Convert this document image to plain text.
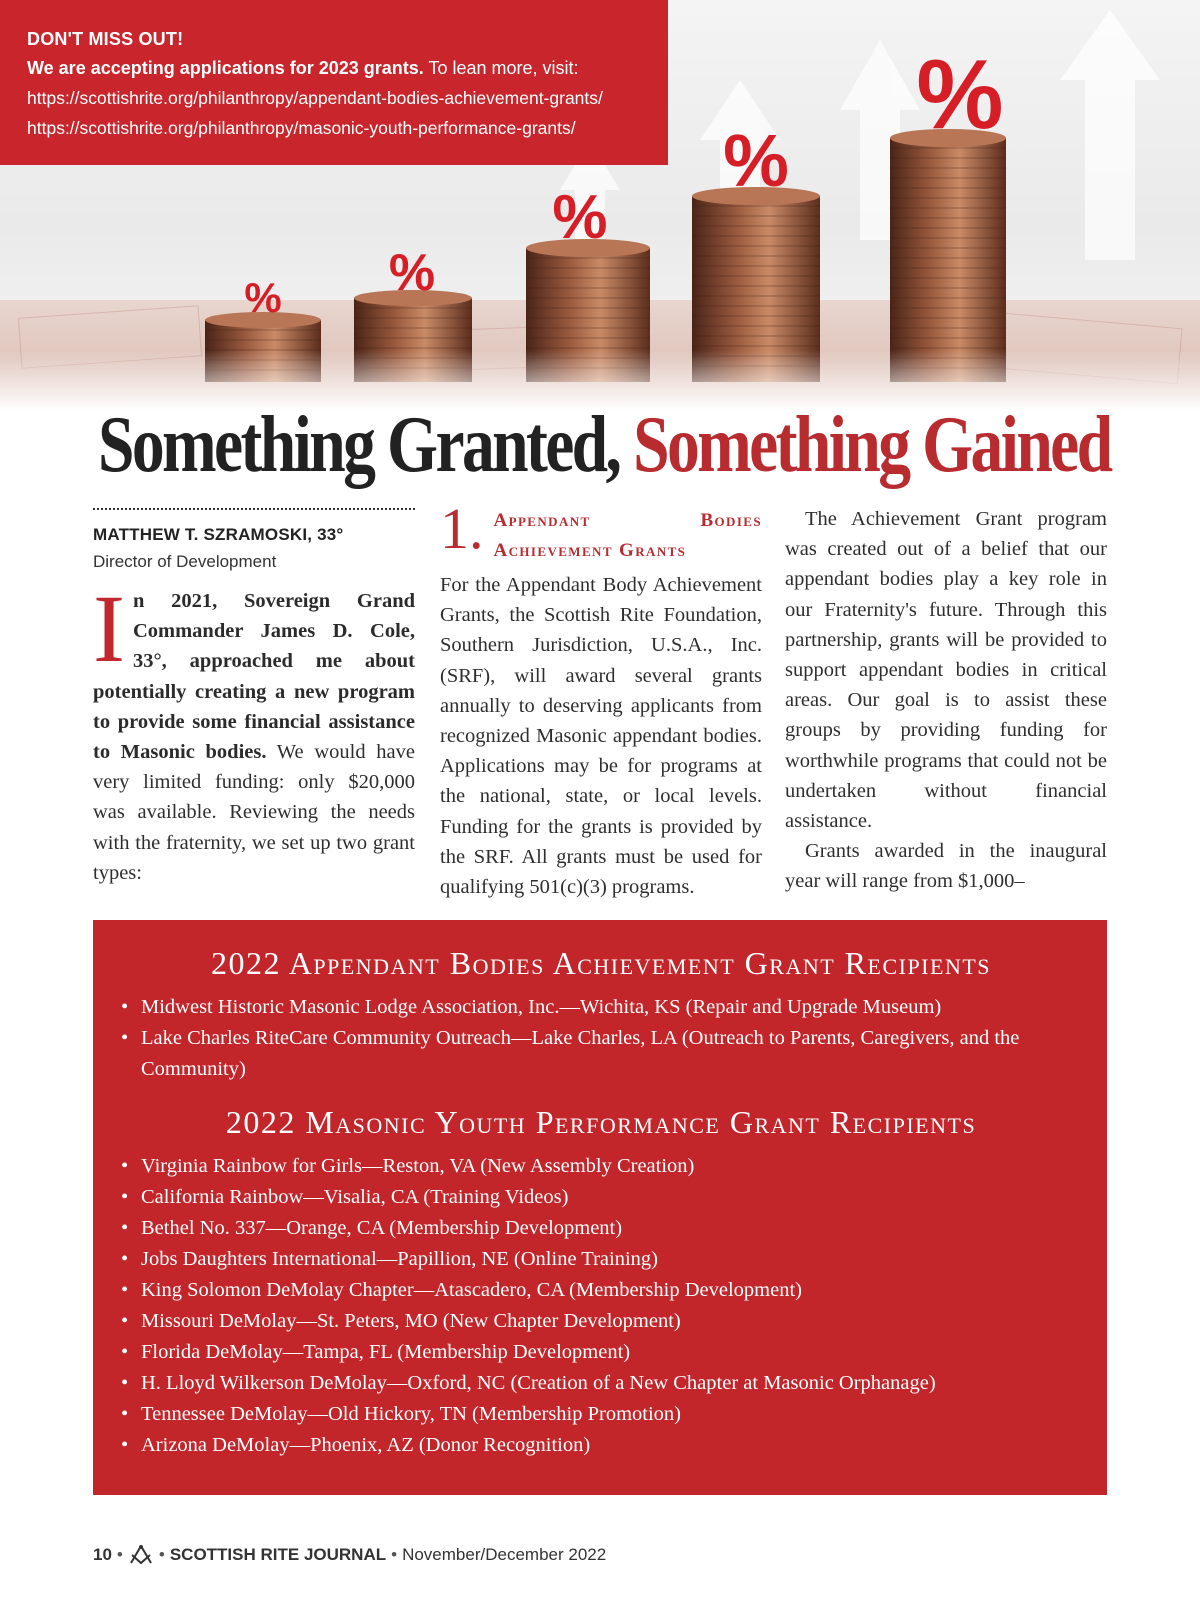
% %
%
%
%
DON'T MISS OUT!
We are accepting applications for 2023 grants. To lean more, visit:
https://scottishrite.org/philanthropy/appendant-bodies-achievement-grants/
https://scottishrite.org/philanthropy/masonic-youth-performance-grants/
Something Granted, Something Gained
MATTHEW T. SZRAMOSKI, 33°
Director of Development

In 2021, Sovereign Grand Commander James D. Cole, 33°, approached me about potentially creating a new program to provide some financial assistance to Masonic bodies. We would have very limited funding: only $20,000 was available. Reviewing the needs with the fraternity, we set up two grant types:

1. Appendant Bodies Achievement Grants

For the Appendant Body Achievement Grants, the Scottish Rite Foundation, Southern Jurisdiction, U.S.A., Inc. (SRF), will award several grants annually to deserving applicants from recognized Masonic appendant bodies. Applications may be for programs at the national, state, or local levels. Funding for the grants is provided by the SRF. All grants must be used for qualifying 501(c)(3) programs.

The Achievement Grant program was created out of a belief that our appendant bodies play a key role in our Fraternity's future. Through this partnership, grants will be provided to support appendant bodies in critical areas. Our goal is to assist these groups by providing funding for worthwhile programs that could not be undertaken without financial assistance.

Grants awarded in the inaugural year will range from $1,000–

2022 Appendant Bodies Achievement Grant Recipients
• Midwest Historic Masonic Lodge Association, Inc.—Wichita, KS (Repair and Upgrade Museum)
• Lake Charles RiteCare Community Outreach—Lake Charles, LA (Outreach to Parents, Caregivers, and the Community)
2022 Masonic Youth Performance Grant Recipients
• Virginia Rainbow for Girls—Reston, VA (New Assembly Creation)
• California Rainbow—Visalia, CA (Training Videos)
• Bethel No. 337—Orange, CA (Membership Development)
• Jobs Daughters International—Papillion, NE (Online Training)
• King Solomon DeMolay Chapter—Atascadero, CA (Membership Development)
• Missouri DeMolay—St. Peters, MO (New Chapter Development)
• Florida DeMolay—Tampa, FL (Membership Development)
• H. Lloyd Wilkerson DeMolay—Oxford, NC (Creation of a New Chapter at Masonic Orphanage)
• Tennessee DeMolay—Old Hickory, TN (Membership Promotion)
• Arizona DeMolay—Phoenix, AZ (Donor Recognition)
10 • • SCOTTISH RITE JOURNAL • November/December 2022
